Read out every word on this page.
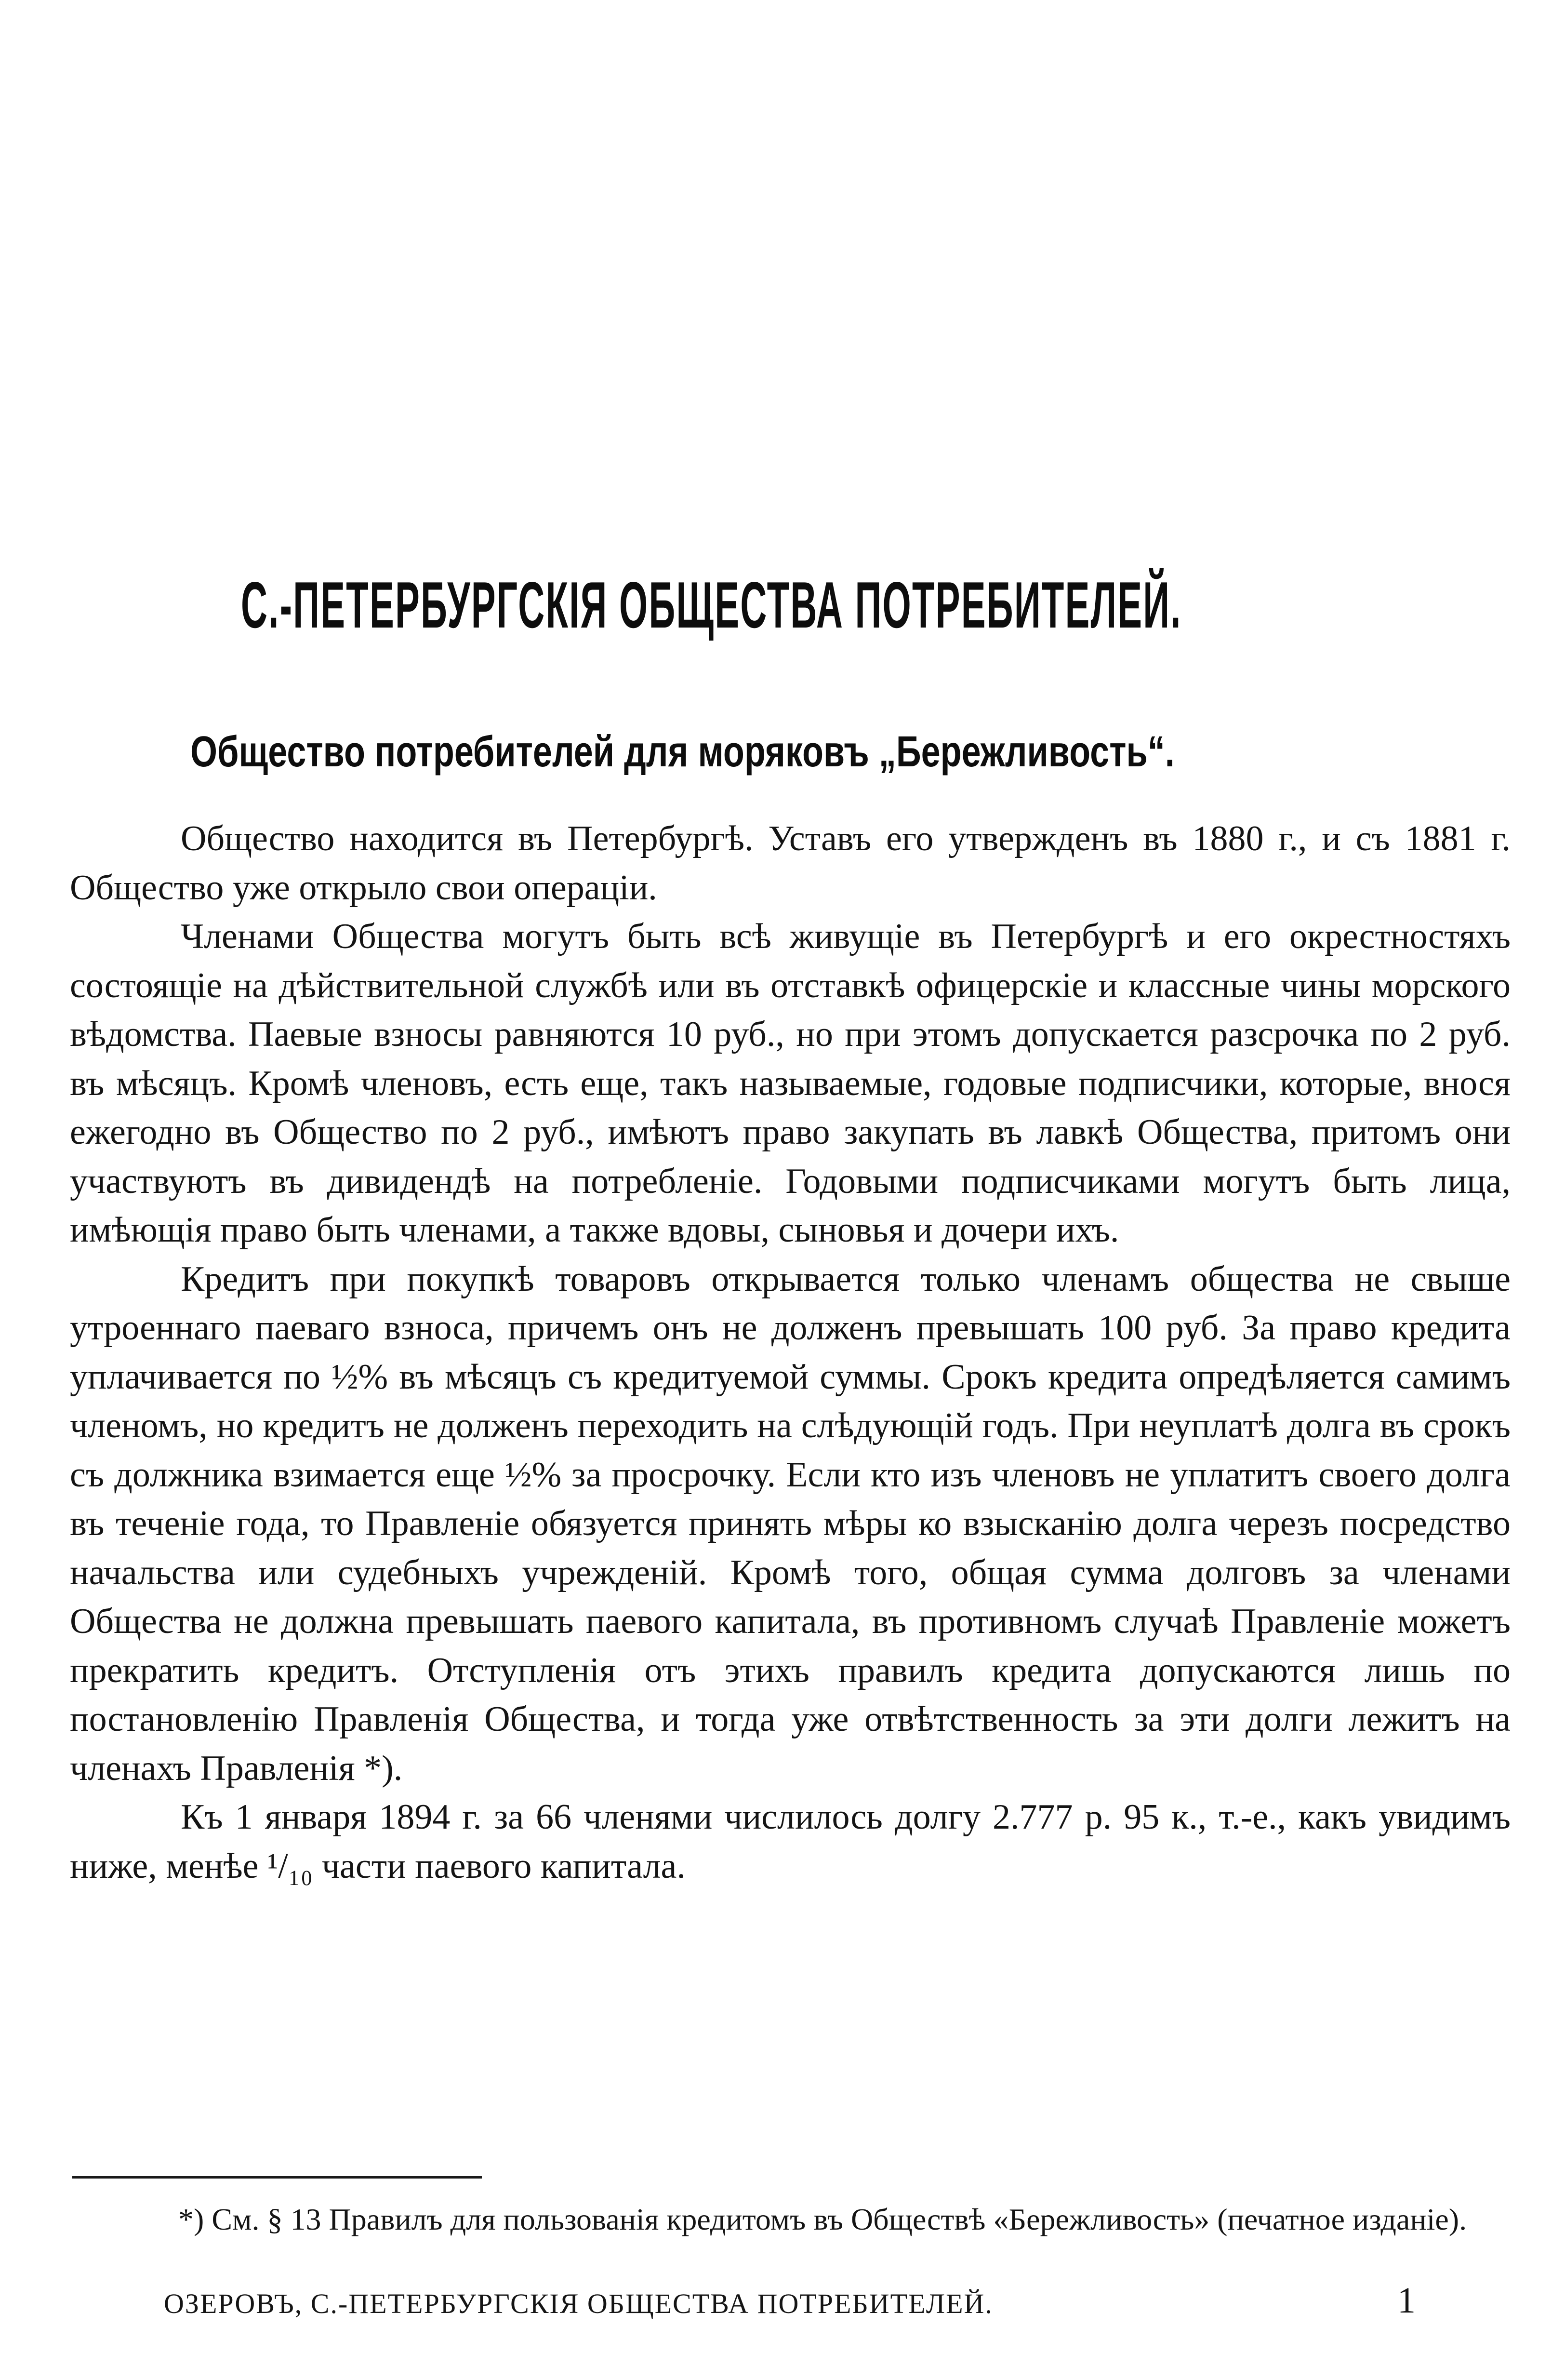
С.-ПЕТЕРБУРГСКІЯ ОБЩЕСТВА ПОТРЕБИТЕЛЕЙ.
Общество потребителей для моряковъ „Бережливость“.

Общество находится въ Петербургѣ. Уставъ его утвержденъ въ 1880 г., и съ 1881 г. Общество уже открыло свои операціи.

Членами Общества могутъ быть всѣ живущіе въ Петербургѣ и его окрестностяхъ состоящіе на дѣйствительной службѣ или въ отставкѣ офицерскіе и классные чины морского вѣдомства. Паевые взносы равняются 10 руб., но при этомъ допускается разсрочка по 2 руб. въ мѣсяцъ. Кромѣ членовъ, есть еще, такъ называемые, годовые подписчики, которые, внося ежегодно въ Общество по 2 руб., имѣютъ право закупать въ лавкѣ Общества, притомъ они участвуютъ въ дивидендѣ на потребленіе. Годовыми подписчиками могутъ быть лица, имѣющія право быть членами, а также вдовы, сыновья и дочери ихъ.

Кредитъ при покупкѣ товаровъ открывается только членамъ общества не свыше утроеннаго паеваго взноса, причемъ онъ не долженъ превышать 100 руб. За право кредита уплачивается по ½% въ мѣсяцъ съ кредитуемой суммы. Срокъ кредита опредѣляется самимъ членомъ, но кредитъ не долженъ переходить на слѣдующій годъ. При неуплатѣ долга въ срокъ съ должника взимается еще ½% за просрочку. Если кто изъ членовъ не уплатитъ своего долга въ теченіе года, то Правленіе обязуется принять мѣры ко взысканію долга черезъ посредство начальства или судебныхъ учрежденій. Кромѣ того, общая сумма долговъ за членами Общества не должна превышать паевого капитала, въ противномъ случаѣ Правленіе можетъ прекратить кредитъ. Отступленія отъ этихъ правилъ кредита допускаются лишь по постановленію Правленія Общества, и тогда уже отвѣтственность за эти долги лежитъ на членахъ Правленія *).

Къ 1 января 1894 г. за 66 членями числилось долгу 2.777 р. 95 к., т.-е., какъ увидимъ ниже, менѣе ¹/₁₀ части паевого капитала.

*) См. § 13 Правилъ для пользованія кредитомъ въ Обществѣ «Бережливость» (печатное изданіе).

ОЗЕРОВЪ, С.-ПЕТЕРБУРГСКІЯ ОБЩЕСТВА ПОТРЕБИТЕЛЕЙ.	1
